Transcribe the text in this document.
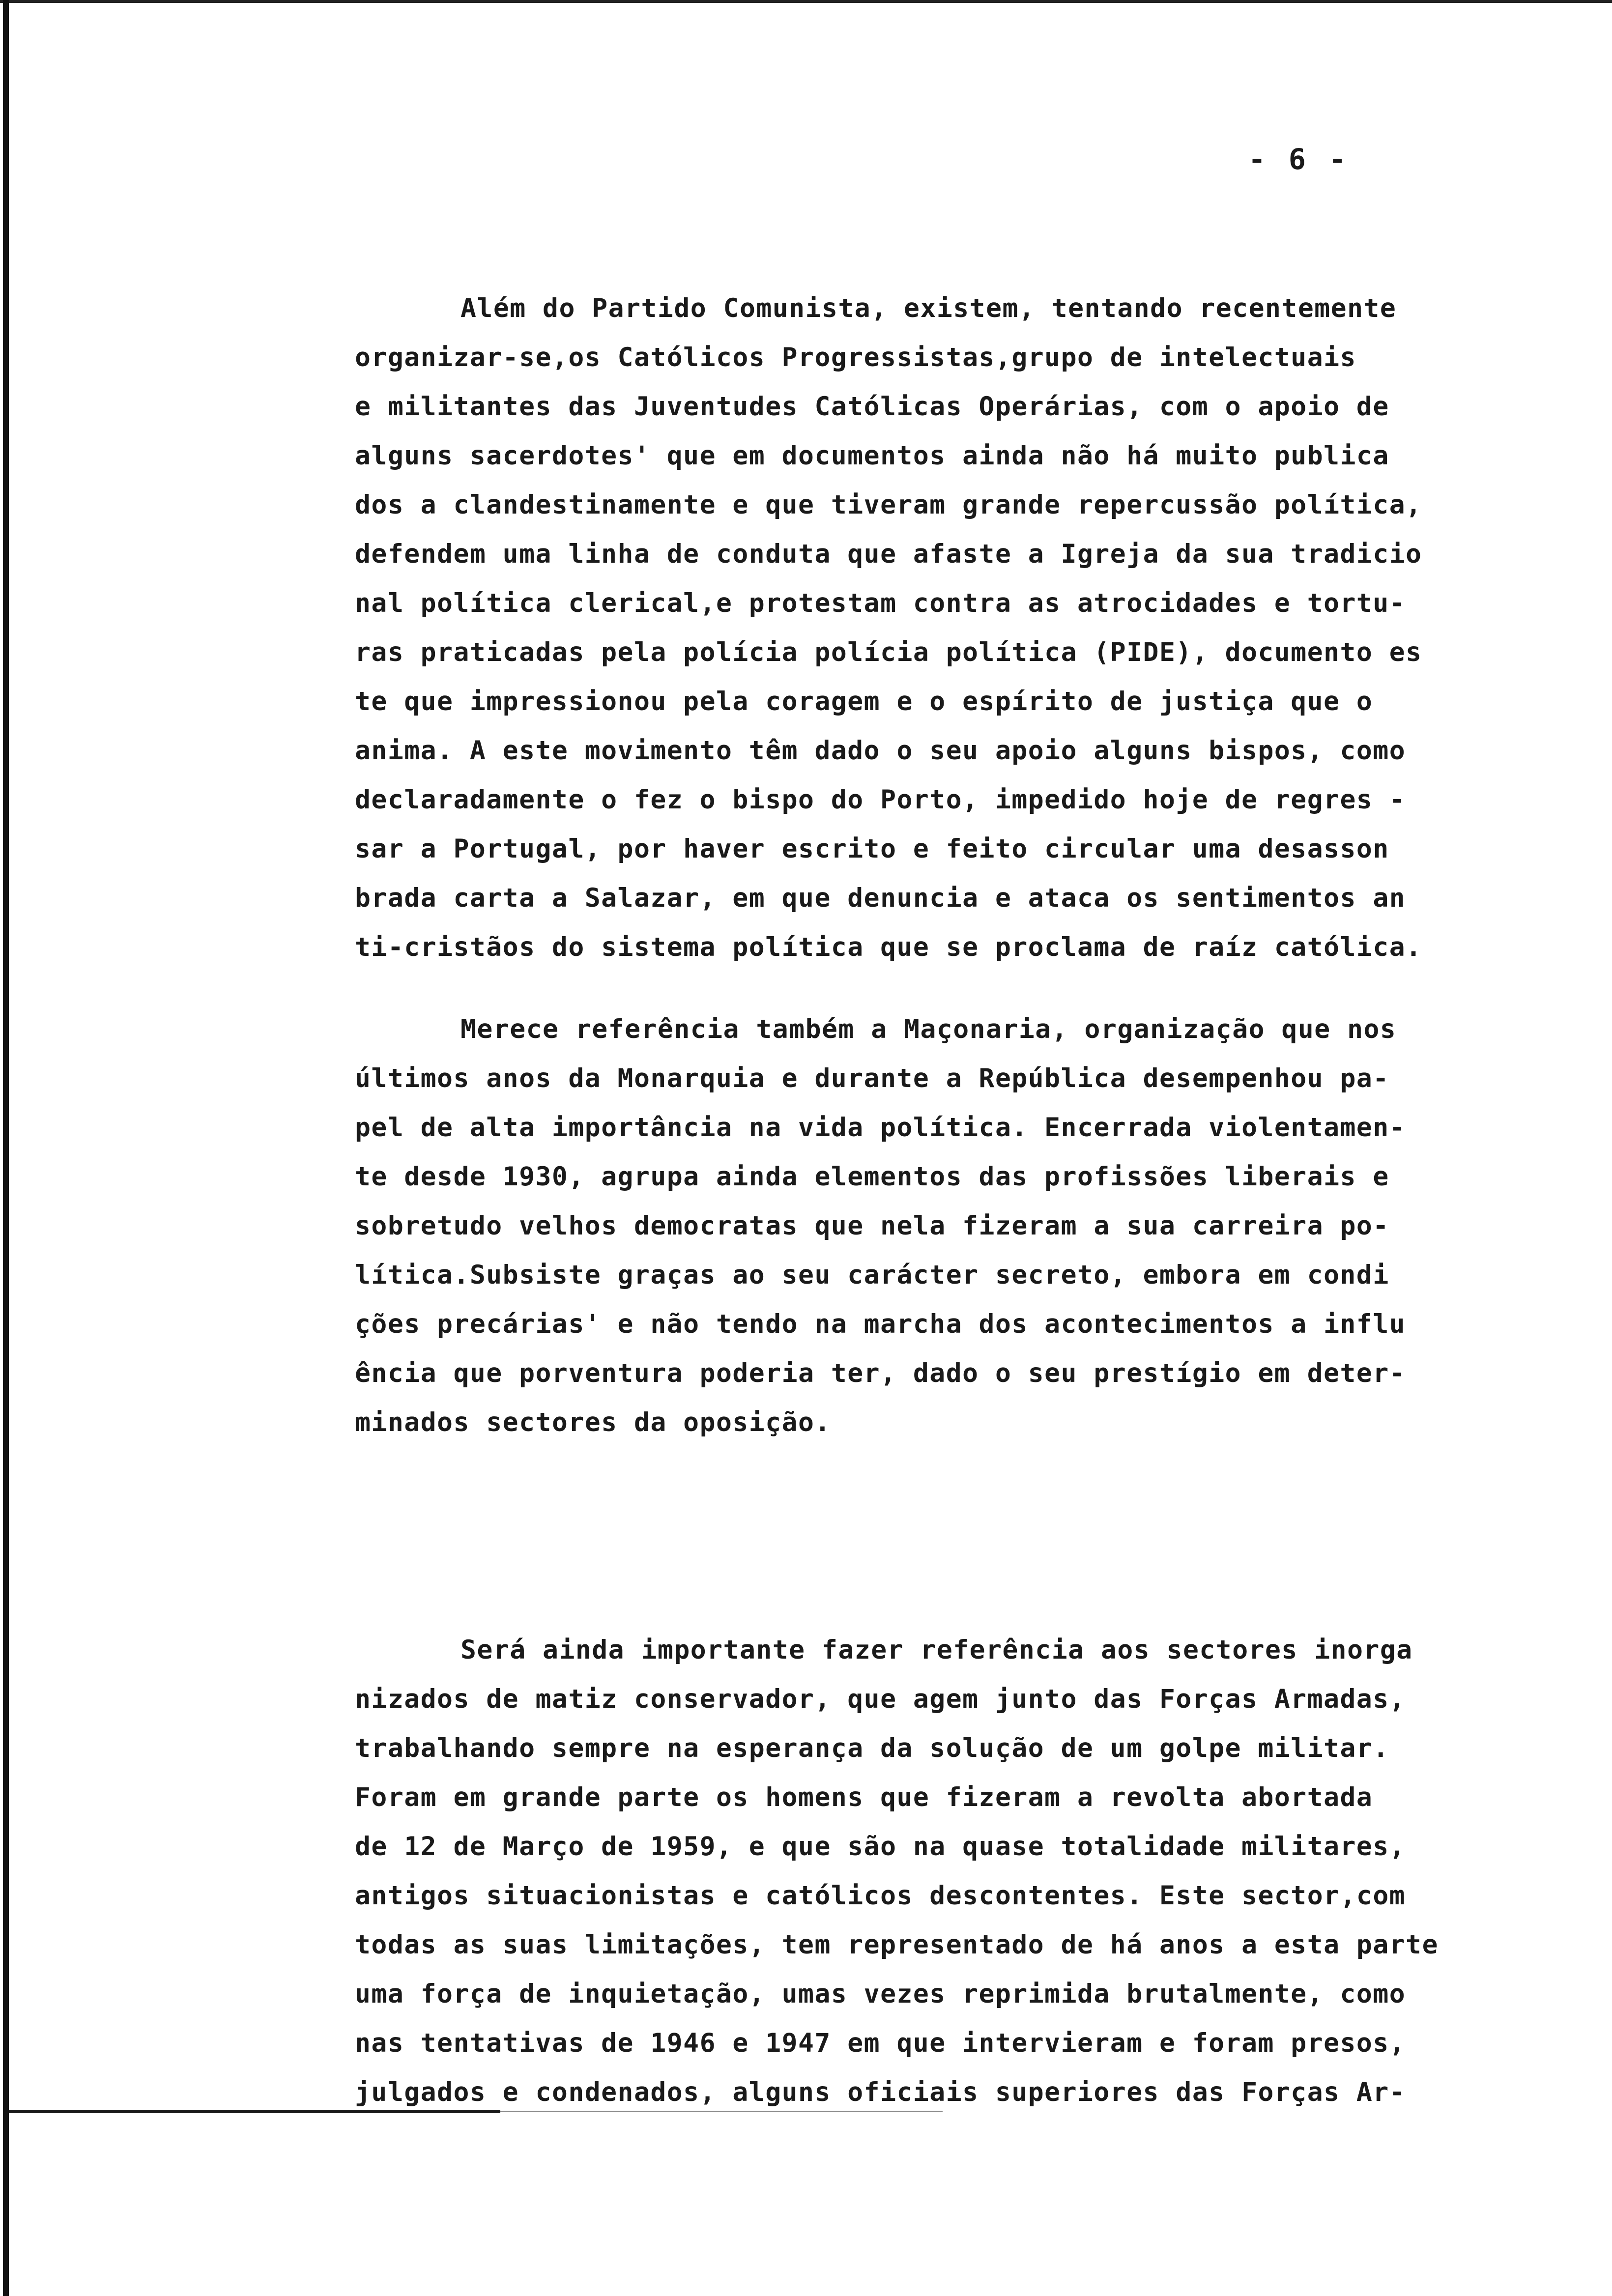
- 6 -
Além do Partido Comunista, existem, tentando recentemente
organizar-se,os Católicos Progressistas,grupo de intelectuais
e militantes das Juventudes Católicas Operárias, com o apoio de
alguns sacerdotes' que em documentos ainda não há muito publica
dos a clandestinamente e que tiveram grande repercussão política,
defendem uma linha de conduta que afaste a Igreja da sua tradicio
nal política clerical,e protestam contra as atrocidades e tortu-
ras praticadas pela polícia polícia política (PIDE), documento es
te que impressionou pela coragem e o espírito de justiça que o
anima. A este movimento têm dado o seu apoio alguns bispos, como
declaradamente o fez o bispo do Porto, impedido hoje de regres -
sar a Portugal, por haver escrito e feito circular uma desasson
brada carta a Salazar, em que denuncia e ataca os sentimentos an
ti-cristãos do sistema política que se proclama de raíz católica.
Merece referência também a Maçonaria, organização que nos
últimos anos da Monarquia e durante a República desempenhou pa-
pel de alta importância na vida política. Encerrada violentamen-
te desde 1930, agrupa ainda elementos das profissões liberais e
sobretudo velhos democratas que nela fizeram a sua carreira po-
lítica.Subsiste graças ao seu carácter secreto, embora em condi
ções precárias' e não tendo na marcha dos acontecimentos a influ
ência que porventura poderia ter, dado o seu prestígio em deter-
minados sectores da oposição.
Será ainda importante fazer referência aos sectores inorga
nizados de matiz conservador, que agem junto das Forças Armadas,
trabalhando sempre na esperança da solução de um golpe militar.
Foram em grande parte os homens que fizeram a revolta abortada
de 12 de Março de 1959, e que são na quase totalidade militares,
antigos situacionistas e católicos descontentes. Este sector,com
todas as suas limitações, tem representado de há anos a esta parte
uma força de inquietação, umas vezes reprimida brutalmente, como
nas tentativas de 1946 e 1947 em que intervieram e foram presos,
julgados e condenados, alguns oficiais superiores das Forças Ar-
